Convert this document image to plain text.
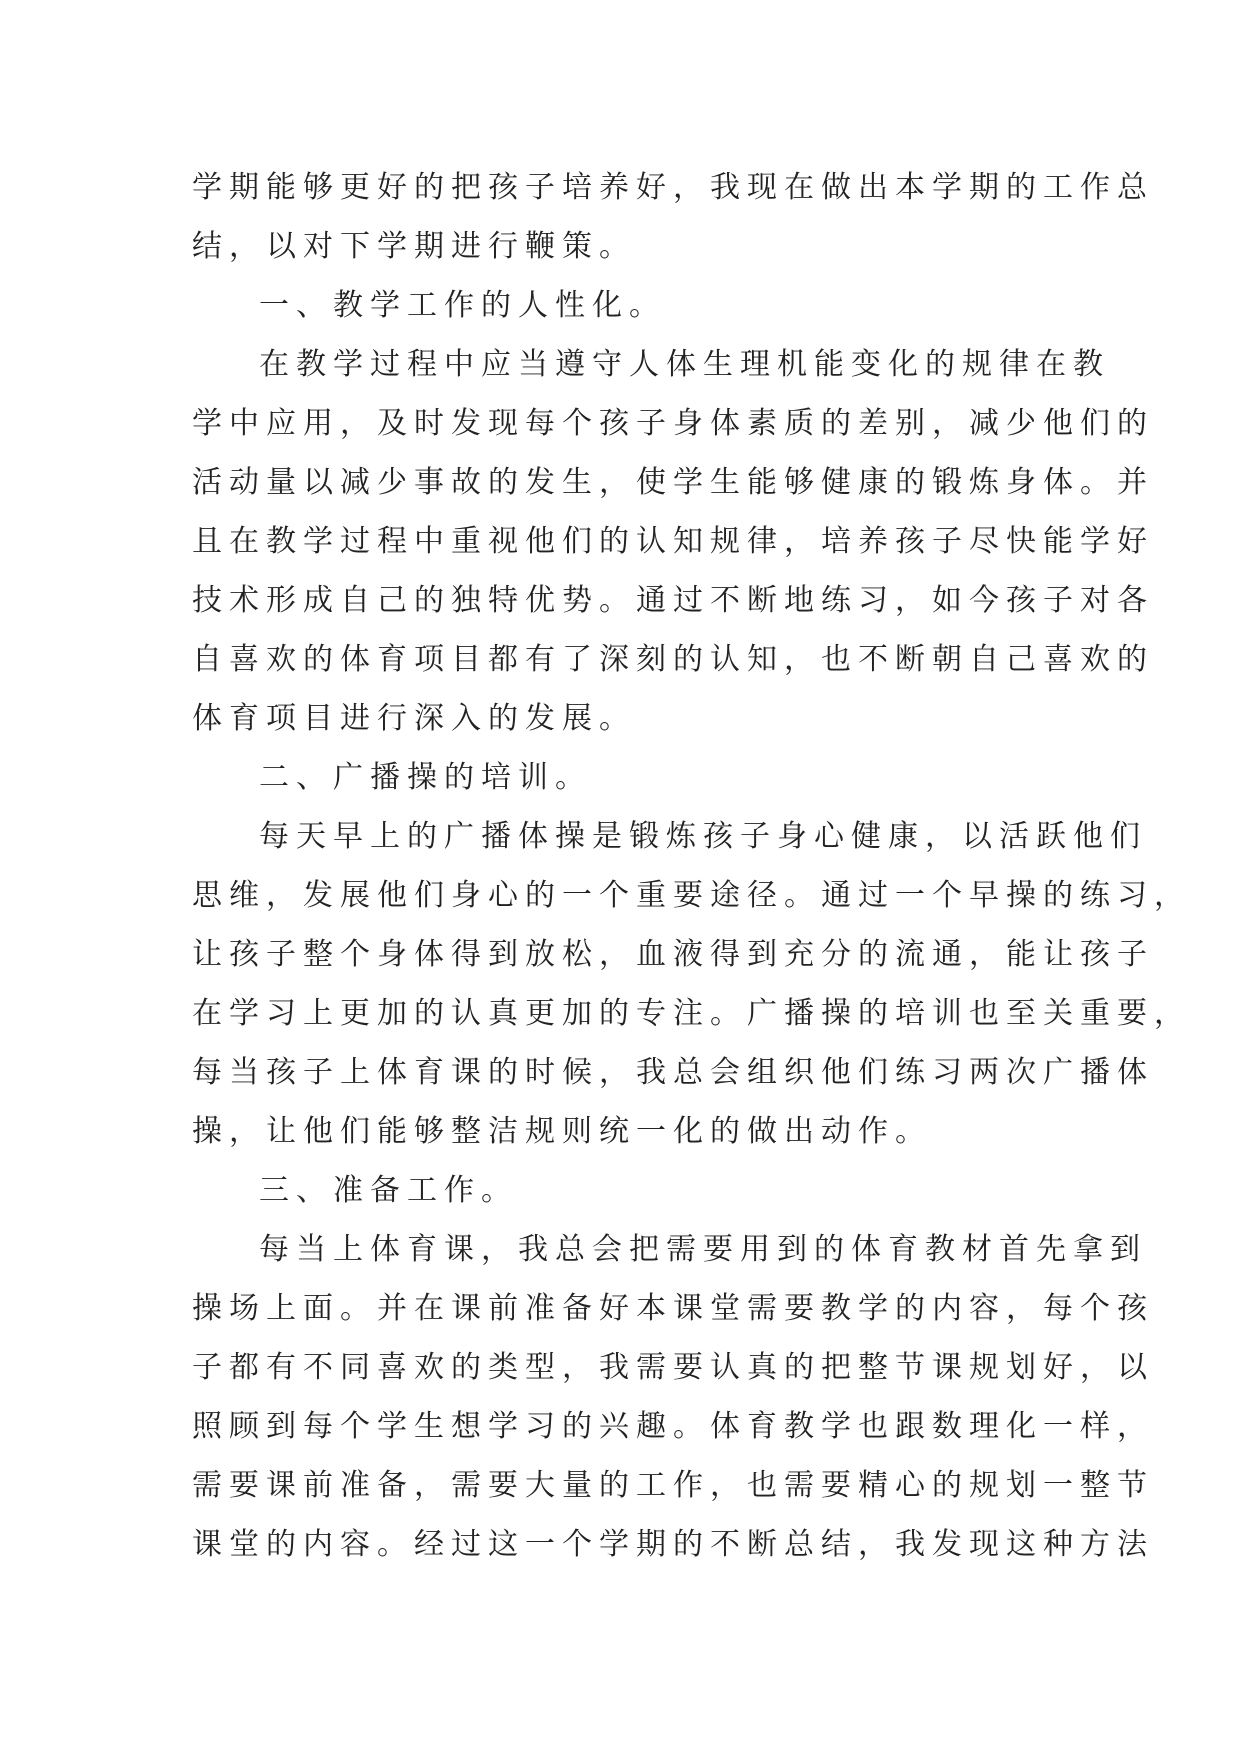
学期能够更好的把孩子培养好，我现在做出本学期的工作总
结，以对下学期进行鞭策。
一、教学工作的人性化。
在教学过程中应当遵守人体生理机能变化的规律在教
学中应用，及时发现每个孩子身体素质的差别，减少他们的
活动量以减少事故的发生，使学生能够健康的锻炼身体。并
且在教学过程中重视他们的认知规律，培养孩子尽快能学好
技术形成自己的独特优势。通过不断地练习，如今孩子对各
自喜欢的体育项目都有了深刻的认知，也不断朝自己喜欢的
体育项目进行深入的发展。
二、广播操的培训。
每天早上的广播体操是锻炼孩子身心健康，以活跃他们
思维，发展他们身心的一个重要途径。通过一个早操的练习，
让孩子整个身体得到放松，血液得到充分的流通，能让孩子
在学习上更加的认真更加的专注。广播操的培训也至关重要，
每当孩子上体育课的时候，我总会组织他们练习两次广播体
操，让他们能够整洁规则统一化的做出动作。
三、准备工作。
每当上体育课，我总会把需要用到的体育教材首先拿到
操场上面。并在课前准备好本课堂需要教学的内容，每个孩
子都有不同喜欢的类型，我需要认真的把整节课规划好，以
照顾到每个学生想学习的兴趣。体育教学也跟数理化一样，
需要课前准备，需要大量的工作，也需要精心的规划一整节
课堂的内容。经过这一个学期的不断总结，我发现这种方法
